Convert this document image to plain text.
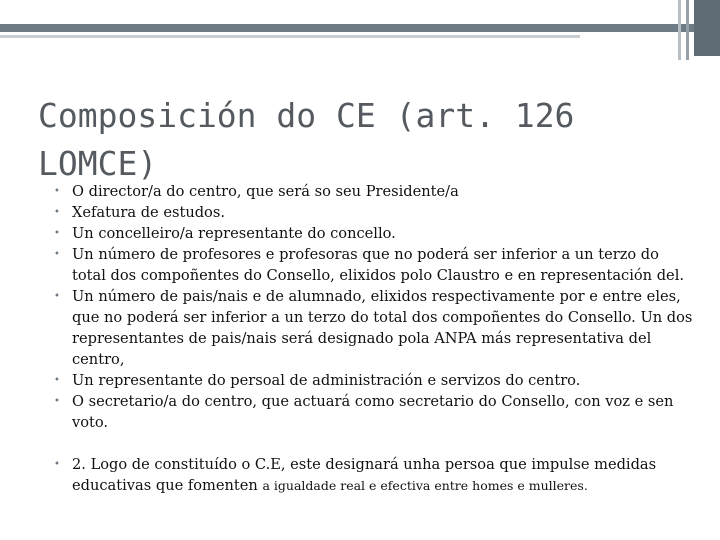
Composición do CE (art. 126 LOMCE)
• O director/a do centro, que será so seu Presidente/a
• Xefatura de estudos.
• Un concelleiro/a representante do concello.
• Un número de profesores e profesoras que no poderá ser inferior a un terzo do total dos compoñentes do Consello, elixidos polo Claustro e en representación del.
• Un número de pais/nais e de alumnado, elixidos respectivamente por e entre eles, que no poderá ser inferior a un terzo do total dos compoñentes do Consello. Un dos representantes de pais/nais será designado pola ANPA más representativa del centro,
• Un representante do persoal de administración e servizos do centro.
• O secretario/a do centro, que actuará como secretario do Consello, con voz e sen voto.
• 2. Logo de constituído o C.E, este designará unha persoa que impulse medidas educativas que fomenten a igualdade real e efectiva entre homes e mulleres.
